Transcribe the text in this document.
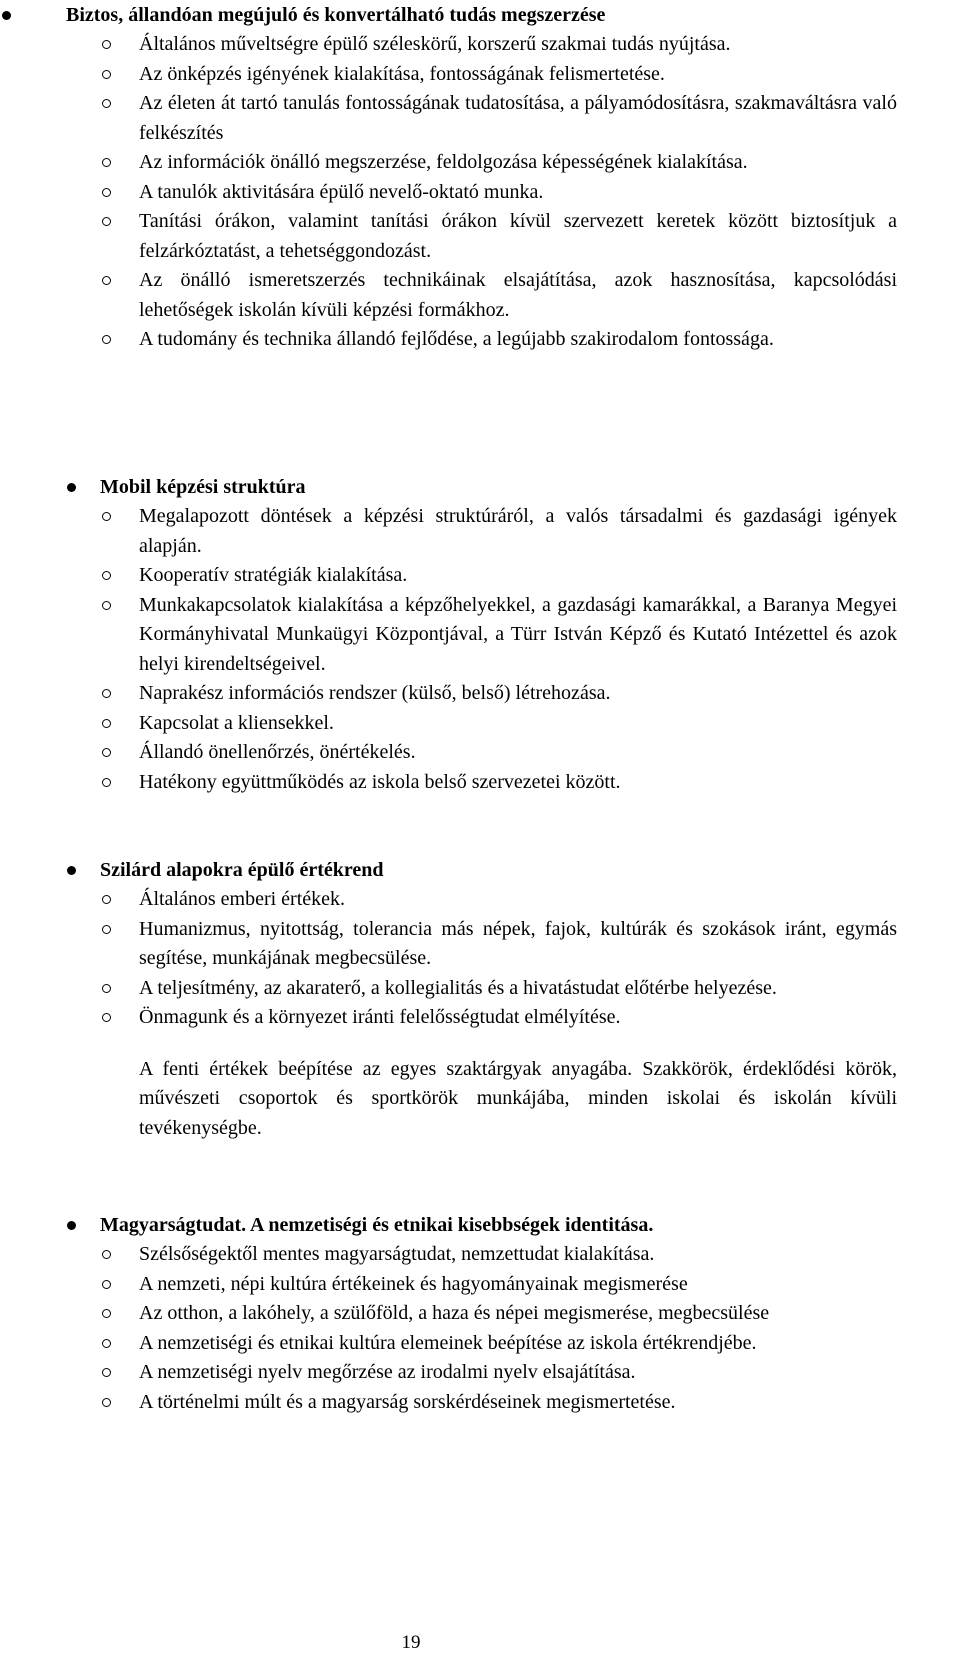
Biztos, állandóan megújuló és konvertálható tudás megszerzése
Általános műveltségre épülő széleskörű, korszerű szakmai tudás nyújtása.
Az önképzés igényének kialakítása, fontosságának felismertetése.
Az életen át tartó tanulás fontosságának tudatosítása, a pályamódosításra, szakmaváltásra való felkészítés
Az információk önálló megszerzése, feldolgozása képességének kialakítása.
A tanulók aktivitására épülő nevelő-oktató munka.
Tanítási órákon, valamint tanítási órákon kívül szervezett keretek között biztosítjuk a felzárkóztatást, a tehetséggondozást.
Az önálló ismeretszerzés technikáinak elsajátítása, azok hasznosítása, kapcsolódási lehetőségek iskolán kívüli képzési formákhoz.
A tudomány és technika állandó fejlődése, a legújabb szakirodalom fontossága.
Mobil képzési struktúra
Megalapozott döntések a képzési struktúráról, a valós társadalmi és gazdasági igények alapján.
Kooperatív stratégiák kialakítása.
Munkakapcsolatok kialakítása a képzőhelyekkel, a gazdasági kamarákkal, a Baranya Megyei Kormányhivatal Munkaügyi Központjával, a Türr István Képző és Kutató Intézettel és azok helyi kirendeltségeivel.
Naprakész információs rendszer (külső, belső) létrehozása.
Kapcsolat a kliensekkel.
Állandó önellenőrzés, önértékelés.
Hatékony együttműködés az iskola belső szervezetei között.
Szilárd alapokra épülő értékrend
Általános emberi értékek.
Humanizmus, nyitottság, tolerancia más népek, fajok, kultúrák és szokások iránt, egymás segítése, munkájának megbecsülése.
A teljesítmény, az akaraterő, a kollegialitás és a hivatástudat előtérbe helyezése.
Önmagunk és a környezet iránti felelősségtudat elmélyítése.

A fenti értékek beépítése az egyes szaktárgyak anyagába. Szakkörök, érdeklődési körök, művészeti csoportok és sportkörök munkájába, minden iskolai és iskolán kívüli tevékenységbe.

Magyarságtudat. A nemzetiségi és etnikai kisebbségek identitása.
Szélsőségektől mentes magyarságtudat, nemzettudat kialakítása.
A nemzeti, népi kultúra értékeinek és hagyományainak megismerése
Az otthon, a lakóhely, a szülőföld, a haza és népei megismerése, megbecsülése
A nemzetiségi és etnikai kultúra elemeinek beépítése az iskola értékrendjébe.
A nemzetiségi nyelv megőrzése az irodalmi nyelv elsajátítása.
A történelmi múlt és a magyarság sorskérdéseinek megismertetése.
19
